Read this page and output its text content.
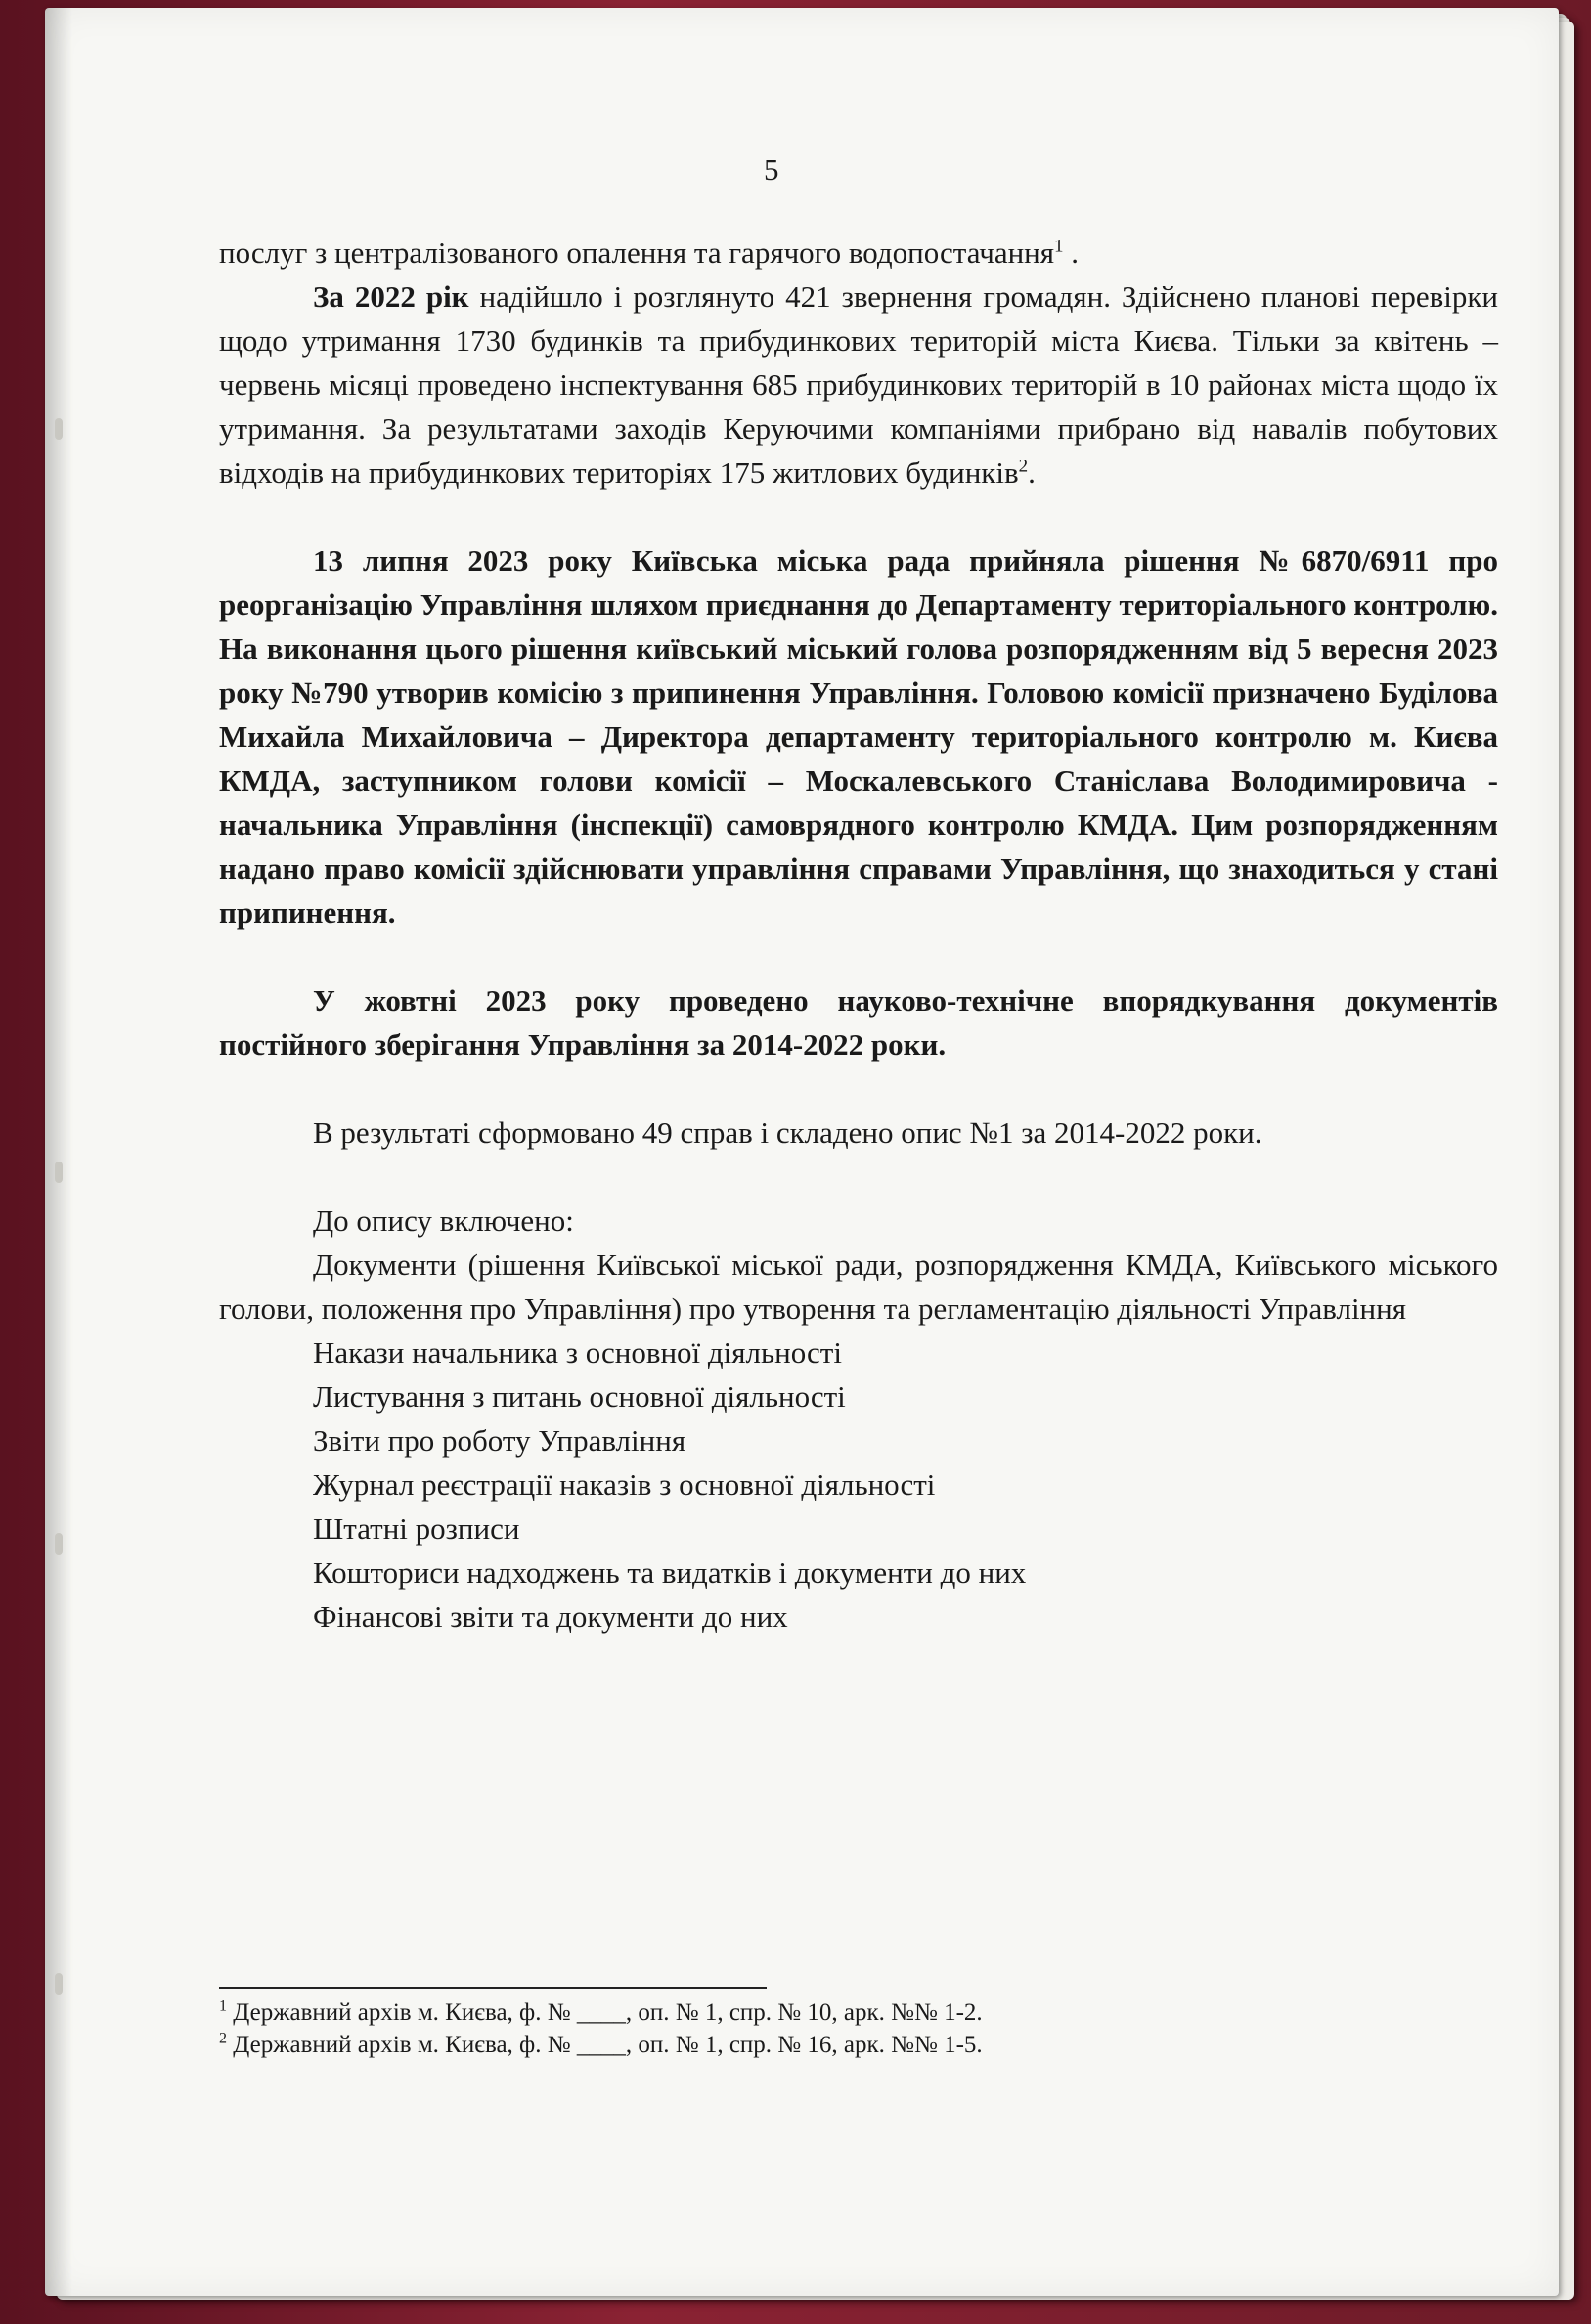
5

послуг з централізованого опалення та гарячого водопостачання$^1$ .

За 2022 рік надійшло і розглянуто 421 звернення громадян. Здійснено планові перевірки щодо утримання 1730 будинків та прибудинкових територій міста Києва. Тільки за квітень – червень місяці проведено інспектування 685 прибудинкових територій в 10 районах міста щодо їх утримання. За результатами заходів Керуючими компаніями прибрано від навалів побутових відходів на прибудинкових територіях 175 житлових будинків$^2$.

13 липня 2023 року Київська міська рада прийняла рішення №6870/6911 про реорганізацію Управління шляхом приєднання до Департаменту територіального контролю. На виконання цього рішення київський міський голова розпорядженням від 5 вересня 2023 року №790 утворив комісію з припинення Управління. Головою комісії призначено Буділова Михайла Михайловича – Директора департаменту територіального контролю м. Києва КМДА, заступником голови комісії – Москалевського Станіслава Володимировича - начальника Управління (інспекції) самоврядного контролю КМДА. Цим розпорядженням надано право комісії здійснювати управління справами Управління, що знаходиться у стані припинення.

У жовтні 2023 року проведено науково-технічне впорядкування документів постійного зберігання Управління за 2014-2022 роки.

В результаті сформовано 49 справ і складено опис №1 за 2014-2022 роки.

До опису включено:

Документи (рішення Київської міської ради, розпорядження КМДА, Київського міського голови, положення про Управління) про утворення та регламентацію діяльності Управління

Накази начальника з основної діяльності

Листування з питань основної діяльності

Звіти про роботу Управління

Журнал реєстрації наказів з основної діяльності

Штатні розписи

Кошториси надходжень та видатків і документи до них

Фінансові звіти та документи до них

$^1$ Державний архів м. Києва, ф. № ____, оп. № 1, спр. № 10, арк. №№ 1-2.

$^2$ Державний архів м. Києва, ф. № ____, оп. № 1, спр. № 16, арк. №№ 1-5.
